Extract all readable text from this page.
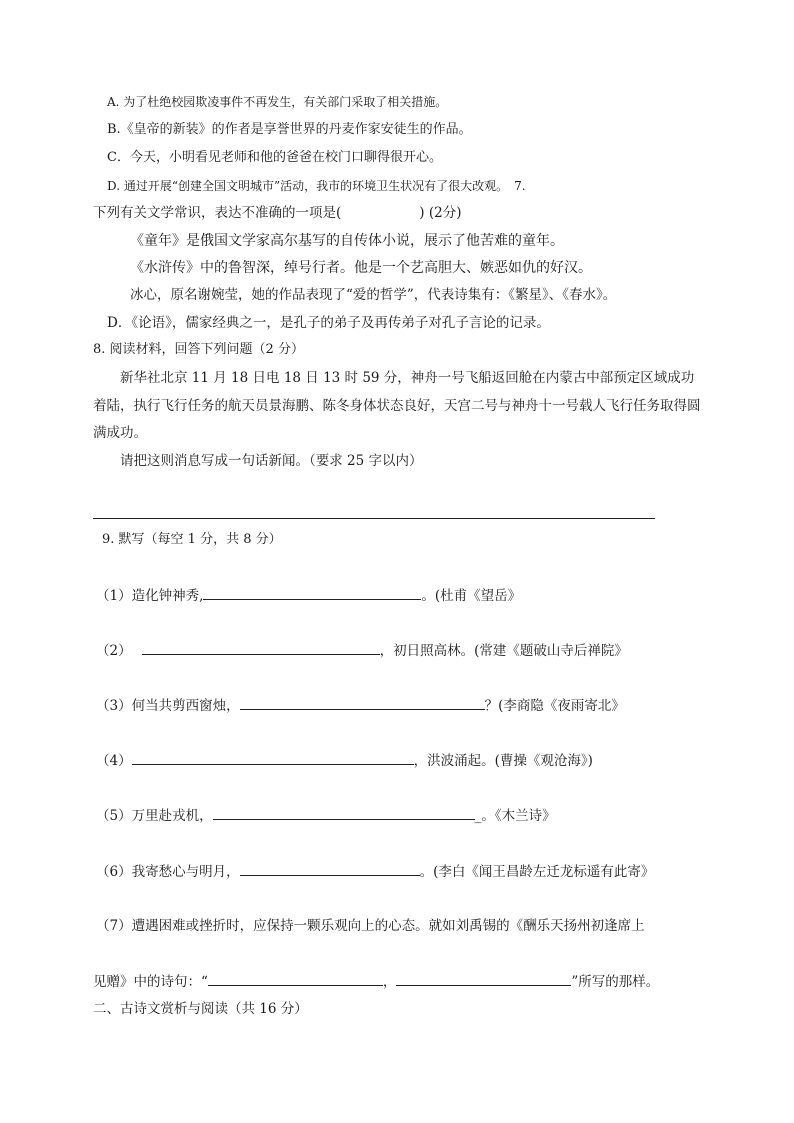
A. 为了杜绝校园欺凌事件不再发生，有关部门采取了相关措施。
B.《皇帝的新装》的作者是享誉世界的丹麦作家安徒生的作品。
C．今天，小明看见老师和他的爸爸在校门口聊得很开心。
D. 通过开展“创建全国文明城市”活动，我市的环境卫生状况有了很大改观。　7.
下列有关文学常识，表达不准确的一项是(	) (2分)
《童年》是俄国文学家高尔基写的自传体小说，展示了他苦难的童年。
《水浒传》中的鲁智深，绰号行者。他是一个艺高胆大、嫉恶如仇的好汉。
冰心，原名谢婉莹，她的作品表现了“爱的哲学”，代表诗集有：《繁星》、《春水》。
D．《论语》，儒家经典之一，是孔子的弟子及再传弟子对孔子言论的记录。
8. 阅读材料，回答下列问题（2 分）
新华社北京 11 月 18 日电 18 日 13 时 59 分，神舟一号飞船返回舱在内蒙古中部预定区域成功
着陆，执行飞行任务的航天员景海鹏、陈冬身体状态良好，天宫二号与神舟十一号载人飞行任务取得圆
满成功。
请把这则消息写成一句话新闻。（要求 25 字以内）
9. 默写（每空 1 分，共 8 分）
（1）造化钟神秀,	。(杜甫《望岳》
（2）	，初日照高林。(常建《题破山寺后禅院》
（3）何当共剪西窗烛，	？(李商隐《夜雨寄北》
（4）	，洪波涌起。(曹操《观沧海》)
（5）万里赴戎机，	_。《木兰诗》
（6）我寄愁心与明月，	。(李白《闻王昌龄左迁龙标遥有此寄》
（7）遭遇困难或挫折时，应保持一颗乐观向上的心态。就如刘禹锡的《酬乐天扬州初逢席上
见赠》中的诗句：“	，	”所写的那样。
二、古诗文赏析与阅读（共 16 分）
